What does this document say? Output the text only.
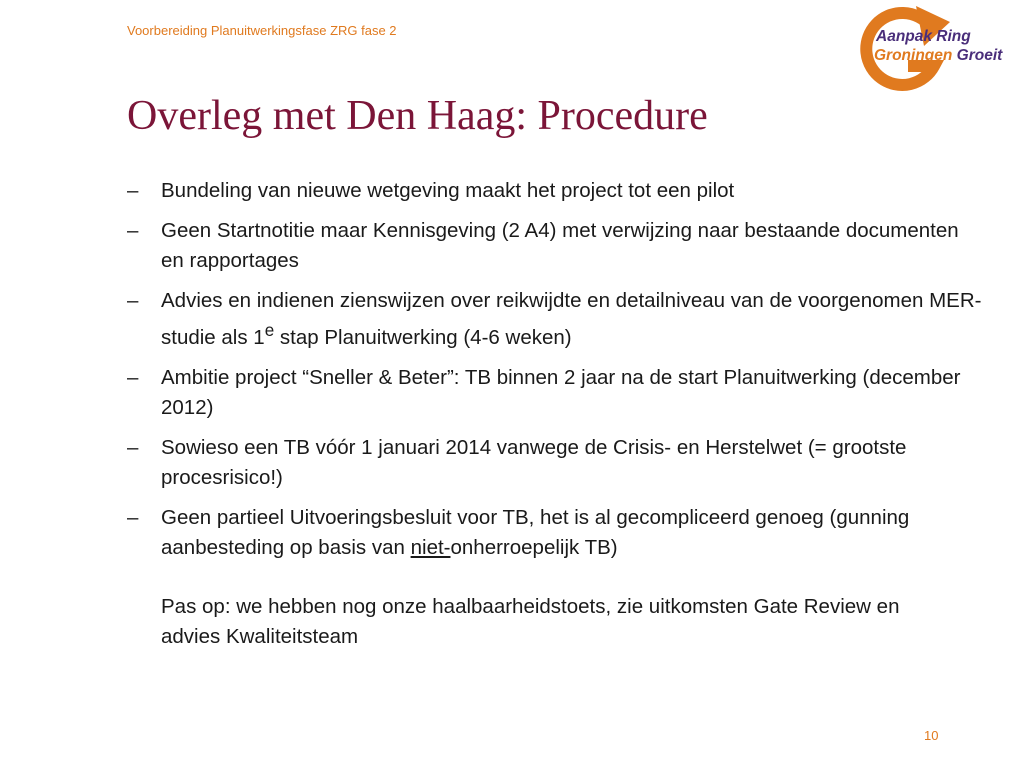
Voorbereiding Planuitwerkingsfase ZRG fase 2	Aanpak Ring
Groningen Groeit
Overleg met Den Haag: Procedure
– Bundeling van nieuwe wetgeving maakt het project tot een pilot
– Geen Startnotitie maar Kennisgeving (2 A4) met verwijzing naar bestaande documenten en rapportages
– Advies en indienen zienswijzen over reikwijdte en detailniveau van de voorgenomen MER-studie als 1e stap Planuitwerking (4-6 weken)
– Ambitie project “Sneller & Beter”: TB binnen 2 jaar na de start Planuitwerking (december 2012)
– Sowieso een TB vóór 1 januari 2014 vanwege de Crisis- en Herstelwet (= grootste procesrisico!)
– Geen partieel Uitvoeringsbesluit voor TB, het is al gecompliceerd genoeg (gunning aanbesteding op basis van niet-onherroepelijk TB)

Pas op: we hebben nog onze haalbaarheidstoets, zie uitkomsten Gate Review en advies Kwaliteitsteam

10
